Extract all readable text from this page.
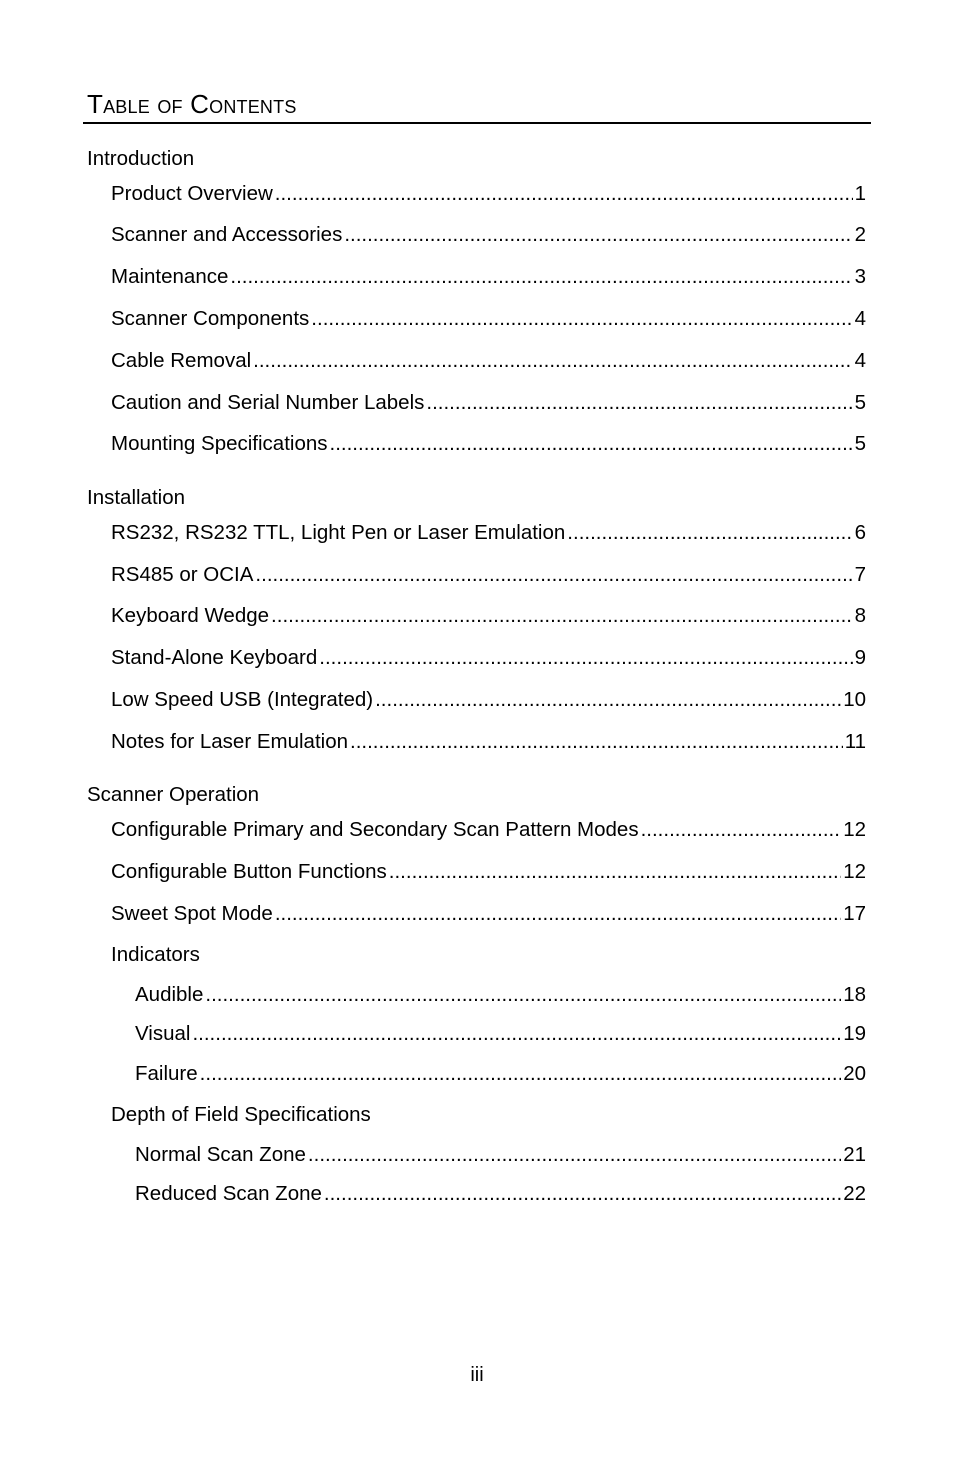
Table of Contents
Introduction
Product Overview .....	1
Scanner and Accessories .....	2
Maintenance .....	3
Scanner Components .....	4
Cable Removal .....	4
Caution and Serial Number Labels .....	5
Mounting Specifications .....	5
Installation
RS232, RS232 TTL, Light Pen or Laser Emulation .....	6
RS485 or OCIA .....	7
Keyboard Wedge .....	8
Stand-Alone Keyboard .....	9
Low Speed USB (Integrated) .....	10
Notes for Laser Emulation .....	11
Scanner Operation
Configurable Primary and Secondary Scan Pattern Modes .....	12
Configurable Button Functions .....	12
Sweet Spot Mode .....	17
Indicators
Audible .....	18
Visual .....	19
Failure .....	20
Depth of Field Specifications
Normal Scan Zone .....	21
Reduced Scan Zone .....	22
iii
